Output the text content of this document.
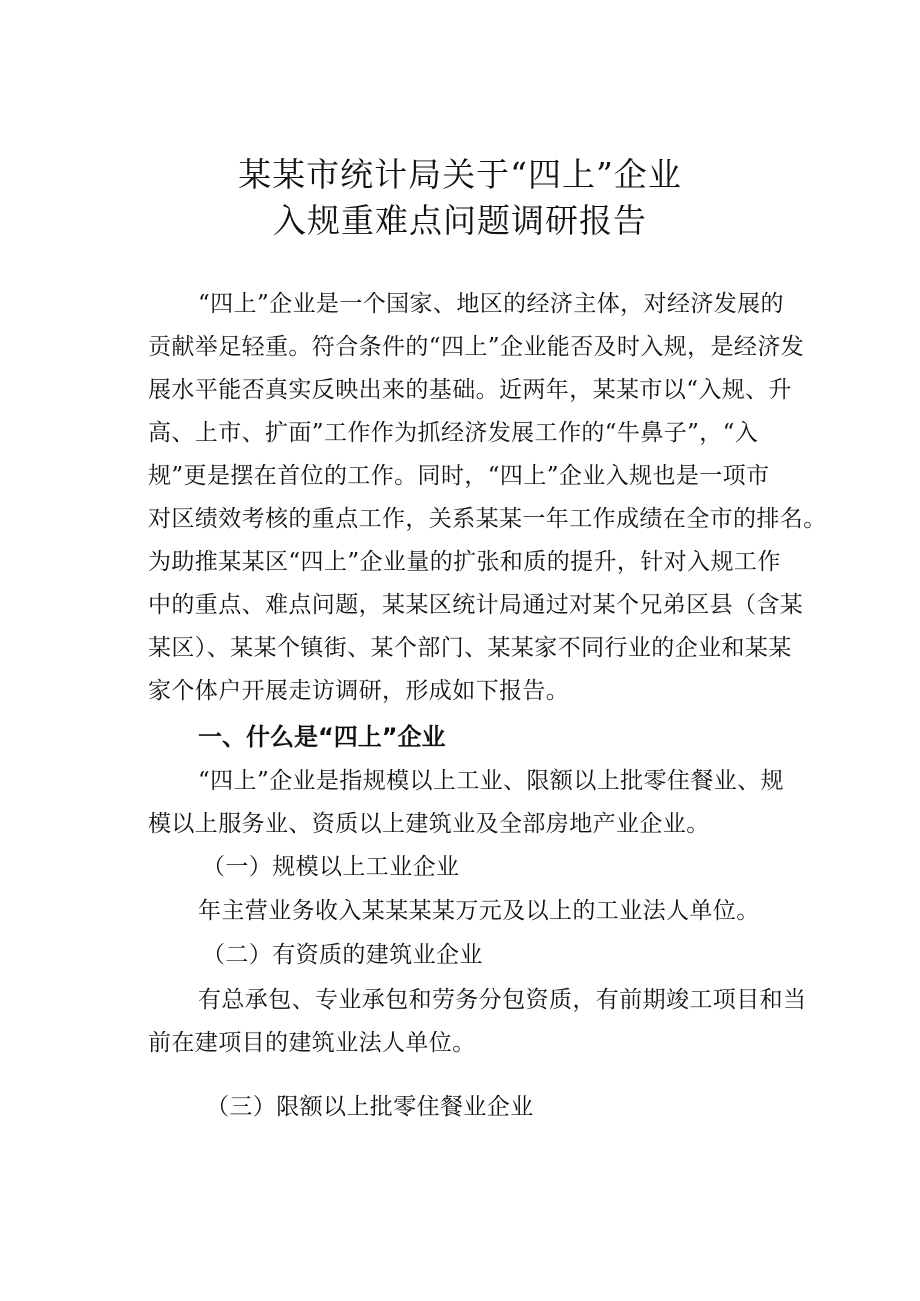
某某市统计局关于“四上”企业
入规重难点问题调研报告
“四上”企业是一个国家、地区的经济主体，对经济发展的
贡献举足轻重。符合条件的“四上”企业能否及时入规，是经济发
展水平能否真实反映出来的基础。近两年，某某市以“入规、升
高、上市、扩面”工作作为抓经济发展工作的“牛鼻子”，“入
规”更是摆在首位的工作。同时，“四上”企业入规也是一项市
对区绩效考核的重点工作，关系某某一年工作成绩在全市的排名。
为助推某某区“四上”企业量的扩张和质的提升，针对入规工作
中的重点、难点问题，某某区统计局通过对某个兄弟区县（含某
某区）、某某个镇街、某个部门、某某家不同行业的企业和某某
家个体户开展走访调研，形成如下报告。
一、什么是“四上”企业
“四上”企业是指规模以上工业、限额以上批零住餐业、规
模以上服务业、资质以上建筑业及全部房地产业企业。
（一）规模以上工业企业
年主营业务收入某某某某万元及以上的工业法人单位。
（二）有资质的建筑业企业
有总承包、专业承包和劳务分包资质，有前期竣工项目和当
前在建项目的建筑业法人单位。
（三）限额以上批零住餐业企业
